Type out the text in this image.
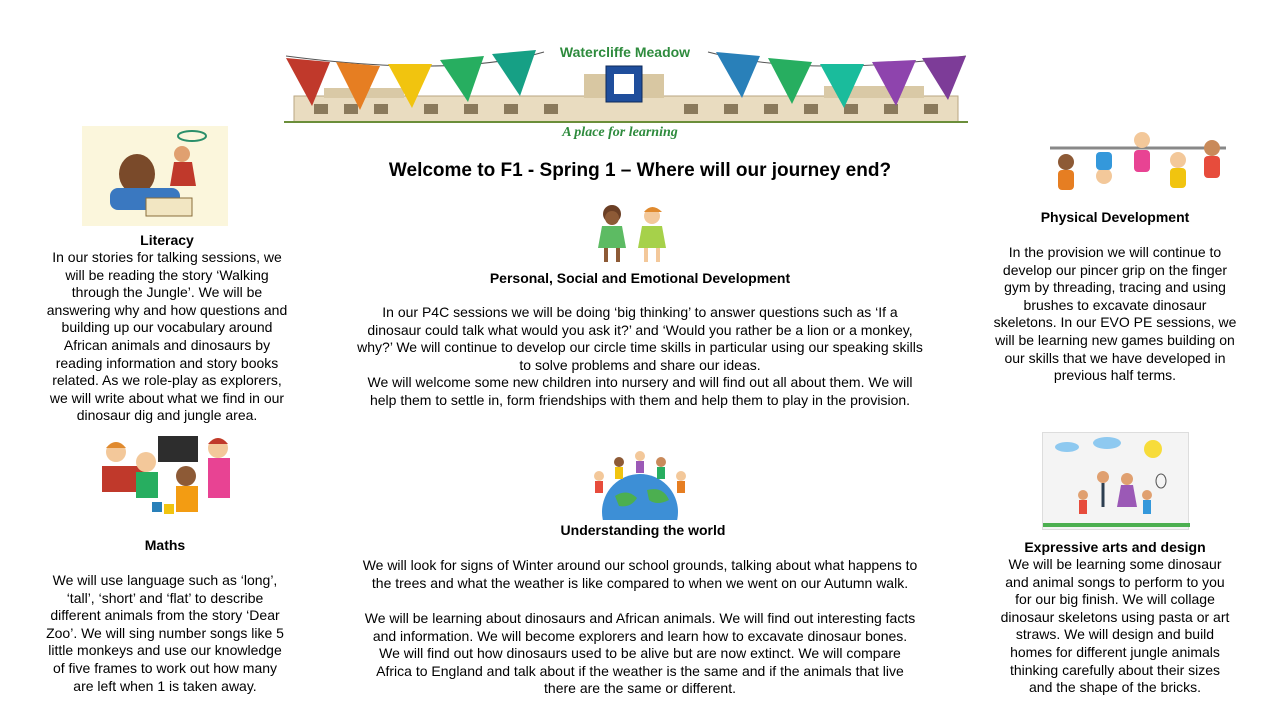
Watercliffe Meadow
A place for learning
Welcome to F1 - Spring 1 – Where will our journey end?
Literacy
In our stories for talking sessions, we
will be reading the story ‘Walking
through the Jungle’. We will be
answering why and how questions and
building up our vocabulary around
African animals and dinosaurs by
reading information and story books
related. As we role-play as explorers,
we will write about what we find in our
dinosaur dig and jungle area.
Personal, Social and Emotional Development
In our P4C sessions we will be doing ‘big thinking’ to answer questions such as ‘If a
dinosaur could talk what would you ask it?’ and ‘Would you rather be a lion or a monkey,
why?’ We will continue to develop our circle time skills in particular using our speaking skills
to solve problems and share our ideas.
We will welcome some new children into nursery and will find out all about them. We will
help them to settle in, form friendships with them and help them to play in the provision.
Physical Development
In the provision we will continue to
develop our pincer grip on the finger
gym by threading, tracing and using
brushes to excavate dinosaur
skeletons. In our EVO PE sessions, we
will be learning new games building on
our skills that we have developed in
previous half terms.
Maths
We will use language such as ‘long’,
‘tall’, ‘short’ and ‘flat’ to describe
different animals from the story ‘Dear
Zoo’. We will sing number songs like 5
little monkeys and use our knowledge
of five frames to work out how many
are left when 1 is taken away.
Understanding the world
We will look for signs of Winter around our school grounds, talking about what happens to
the trees and what the weather is like compared to when we went on our Autumn walk.
We will be learning about dinosaurs and African animals. We will find out interesting facts
and information. We will become explorers and learn how to excavate dinosaur bones.
We will find out how dinosaurs used to be alive but are now extinct. We will compare
Africa to England and talk about if the weather is the same and if the animals that live
there are the same or different.
Expressive arts and design
We will be learning some dinosaur
and animal songs to perform to you
for our big finish. We will collage
dinosaur skeletons using pasta or art
straws. We will design and build
homes for different jungle animals
thinking carefully about their sizes
and the shape of the bricks.
